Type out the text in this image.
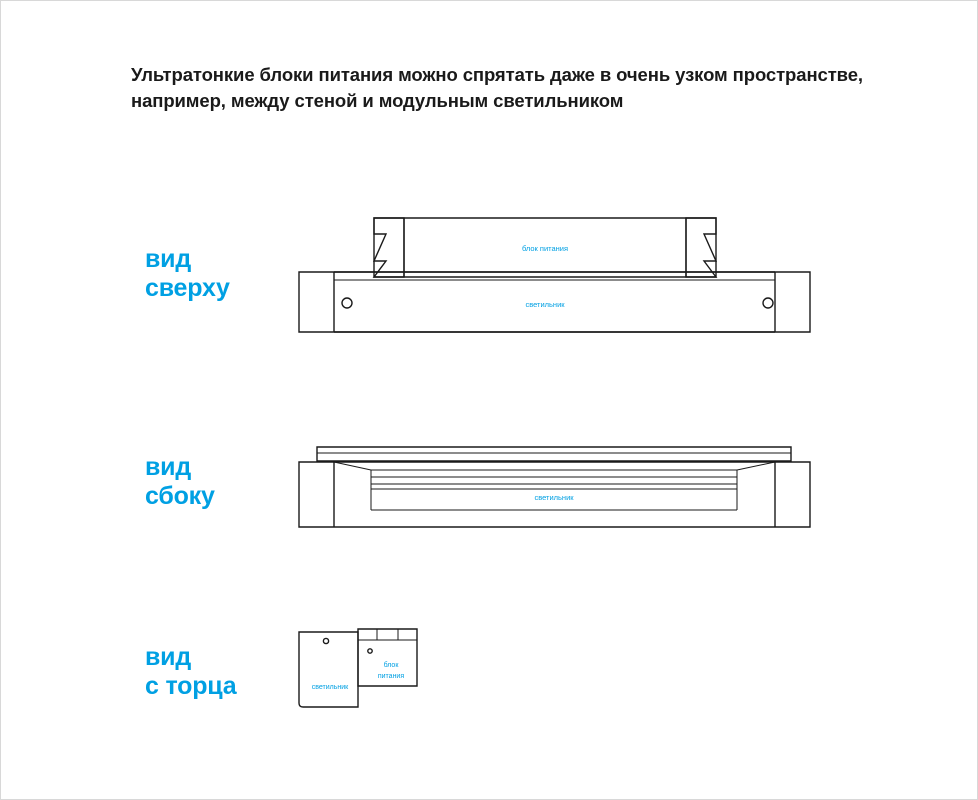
Ультратонкие блоки питания можно спрятать даже в очень узком пространстве, например, между стеной и модульным светильником
вид
сверху
вид
сбоку
вид
с торца
блок питания
светильник
светильник
светильник
блок
питания
